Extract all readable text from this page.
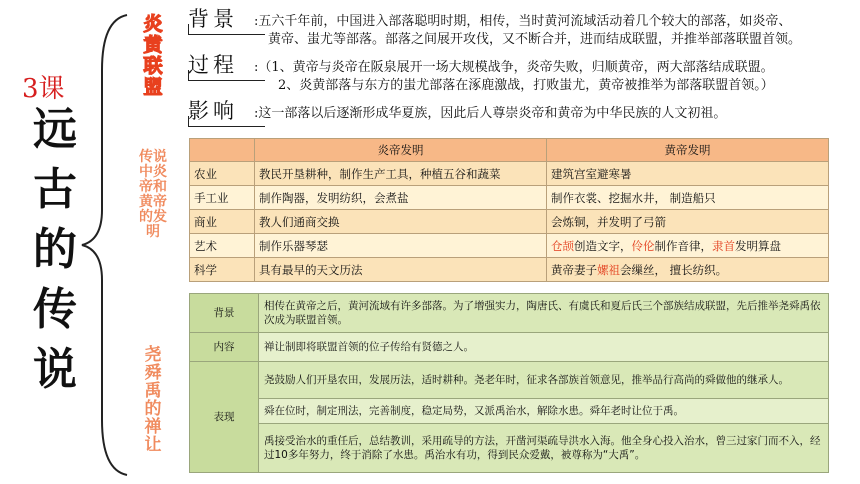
3课
远
古
的
传
说
炎黄联盟
传说中炎帝和黄帝的发明
尧舜禹的禅让
背景 :五六千年前，中国进入部落聪明时期，相传，当时黄河流域活动着几个较大的部落，如炎帝、
黄帝、蚩尤等部落。部落之间展开攻伐，又不断合并，进而结成联盟，并推举部落联盟首领。
过程 :（1、黄帝与炎帝在阪泉展开一场大规模战争，炎帝失败，归顺黄帝，两大部落结成联盟。
2、炎黄部落与东方的蚩尤部落在涿鹿激战，打败蚩尤，黄帝被推举为部落联盟首领。）
影响 :这一部落以后逐渐形成华夏族，因此后人尊崇炎帝和黄帝为中华民族的人文初祖。
	炎帝发明	黄帝发明
农业	教民开垦耕种，制作生产工具，种植五谷和蔬菜	建筑宫室避寒暑
手工业	制作陶器，发明纺织，会煮盐	制作衣裳、挖掘水井， 制造船只
商业	教人们通商交换	会炼铜，并发明了弓箭
艺术	制作乐器琴瑟	仓颉创造文字，伶伦制作音律，隶首发明算盘
科学	具有最早的天文历法	黄帝妻子嫘祖会缫丝， 擅长纺织。
背景	相传在黄帝之后，黄河流域有许多部落。为了增强实力，陶唐氏、有虞氏和夏后氏三个部族结成联盟，先后推举尧舜禹依次成为联盟首领。
内容	禅让制即将联盟首领的位子传给有贤德之人。
表现	尧鼓励人们开垦农田，发展历法，适时耕种。尧老年时，征求各部族首领意见，推举品行高尚的舜做他的继承人。
	舜在位时，制定刑法，完善制度，稳定局势，又派禹治水，解除水患。舜年老时让位于禹。
	禹接受治水的重任后，总结教训，采用疏导的方法，开凿河渠疏导洪水入海。他全身心投入治水，曾三过家门而不入，经过10多年努力，终于消除了水患。禹治水有功，得到民众爱戴，被尊称为“大禹”。
